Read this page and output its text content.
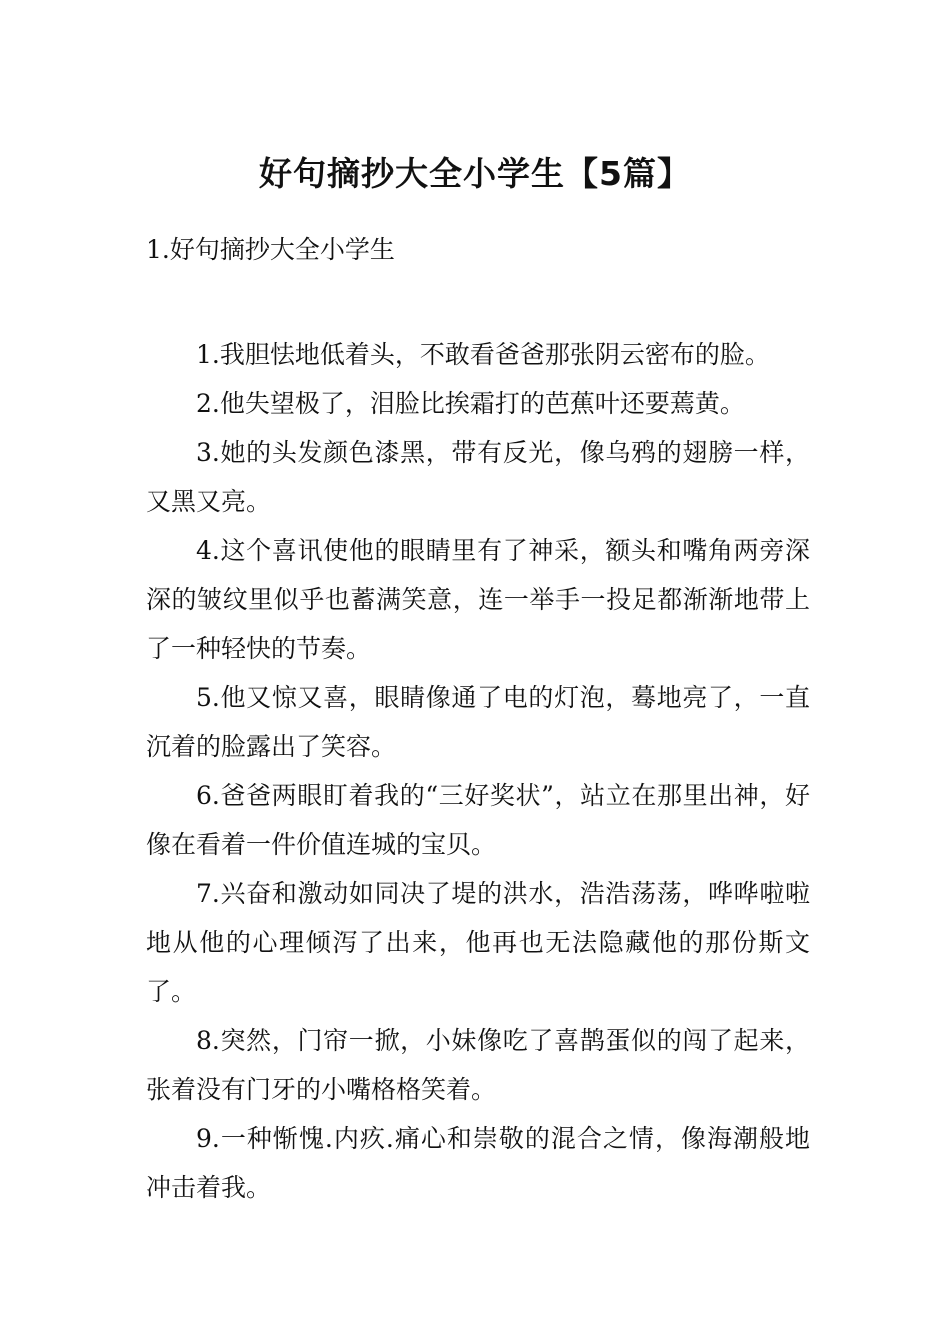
好句摘抄大全小学生【5篇】
1.好句摘抄大全小学生

1.我胆怯地低着头，不敢看爸爸那张阴云密布的脸。

2.他失望极了，泪脸比挨霜打的芭蕉叶还要蔫黄。

3.她的头发颜色漆黑，带有反光，像乌鸦的翅膀一样，又黑又亮。

4.这个喜讯使他的眼睛里有了神采，额头和嘴角两旁深深的皱纹里似乎也蓄满笑意，连一举手一投足都渐渐地带上了一种轻快的节奏。

5.他又惊又喜，眼睛像通了电的灯泡，蓦地亮了，一直沉着的脸露出了笑容。

6.爸爸两眼盯着我的“三好奖状”，站立在那里出神，好像在看着一件价值连城的宝贝。

7.兴奋和激动如同决了堤的洪水，浩浩荡荡，哗哗啦啦地从他的心理倾泻了出来，他再也无法隐藏他的那份斯文了。

8.突然，门帘一掀，小妹像吃了喜鹊蛋似的闯了起来，张着没有门牙的小嘴格格笑着。

9.一种惭愧.内疚.痛心和崇敬的混合之情，像海潮般地冲击着我。
